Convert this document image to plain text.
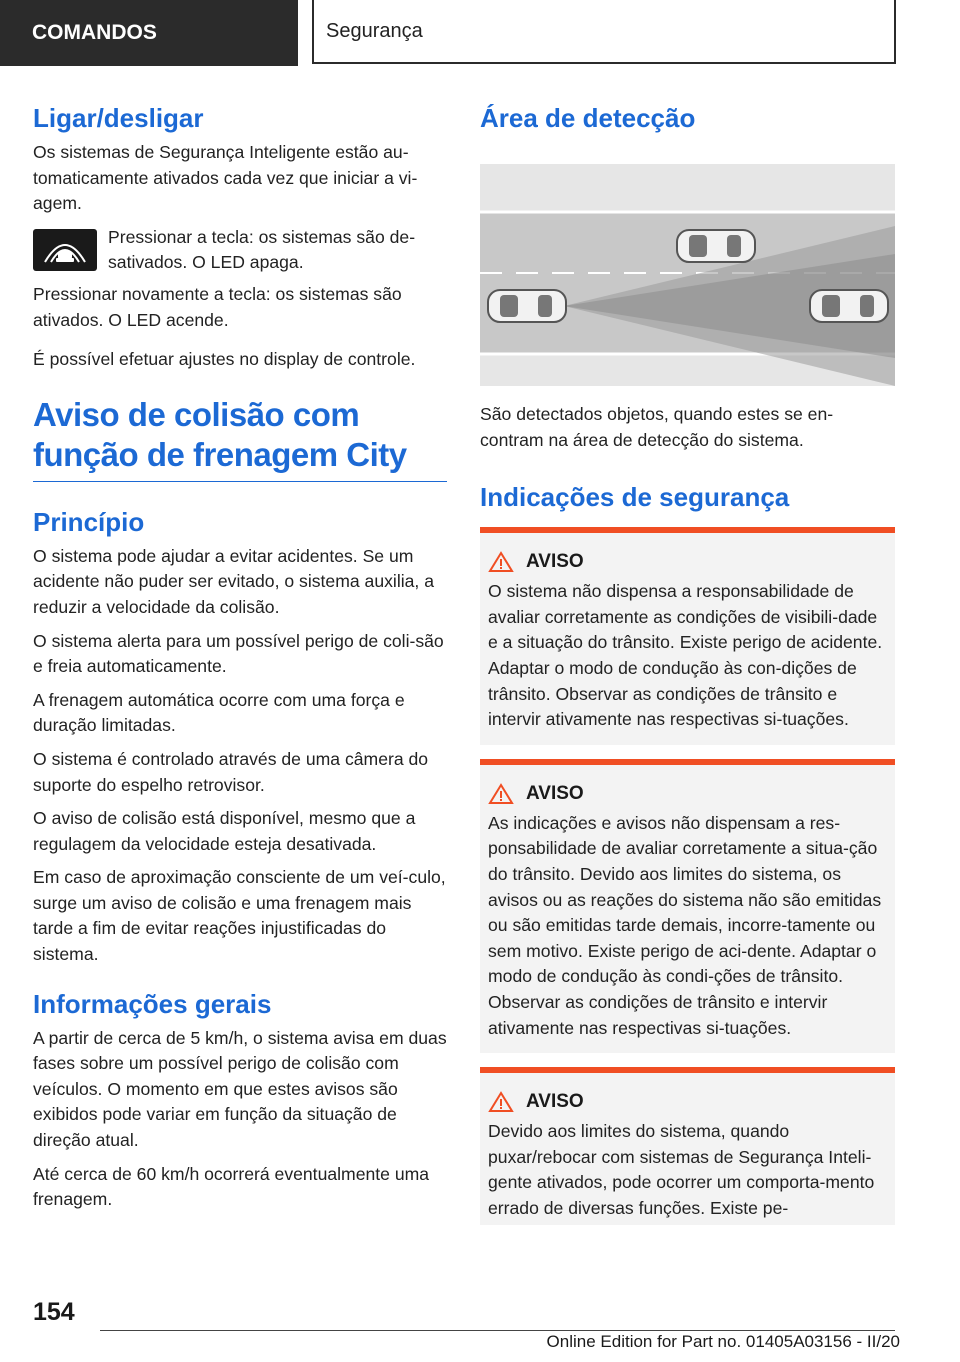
COMANDOS	Segurança
Ligar/desligar

Os sistemas de Segurança Inteligente estão au-tomaticamente ativados cada vez que iniciar a vi-agem.

Pressionar a tecla: os sistemas são de-sativados. O LED apaga.

Pressionar novamente a tecla: os sistemas são ativados. O LED acende.

É possível efetuar ajustes no display de controle.

Aviso de colisão com função de frenagem City
Princípio

O sistema pode ajudar a evitar acidentes. Se um acidente não puder ser evitado, o sistema auxilia, a reduzir a velocidade da colisão.

O sistema alerta para um possível perigo de coli-são e freia automaticamente.

A frenagem automática ocorre com uma força e duração limitadas.

O sistema é controlado através de uma câmera do suporte do espelho retrovisor.

O aviso de colisão está disponível, mesmo que a regulagem da velocidade esteja desativada.

Em caso de aproximação consciente de um veí-culo, surge um aviso de colisão e uma frenagem mais tarde a fim de evitar reações injustificadas do sistema.

Informações gerais

A partir de cerca de 5 km/h, o sistema avisa em duas fases sobre um possível perigo de colisão com veículos. O momento em que estes avisos são exibidos pode variar em função da situação de direção atual.

Até cerca de 60 km/h ocorrerá eventualmente uma frenagem.

Área de detecção

São detectados objetos, quando estes se en-contram na área de detecção do sistema.

Indicações de segurança
AVISO

O sistema não dispensa a responsabilidade de avaliar corretamente as condições de visibili-dade e a situação do trânsito. Existe perigo de acidente. Adaptar o modo de condução às con-dições de trânsito. Observar as condições de trânsito e intervir ativamente nas respectivas si-tuações.

AVISO

As indicações e avisos não dispensam a res-ponsabilidade de avaliar corretamente a situa-ção do trânsito. Devido aos limites do sistema, os avisos ou as reações do sistema não são emitidas ou são emitidas tarde demais, incorre-tamente ou sem motivo. Existe perigo de aci-dente. Adaptar o modo de condução às condi-ções de trânsito. Observar as condições de trânsito e intervir ativamente nas respectivas si-tuações.

AVISO

Devido aos limites do sistema, quando puxar/rebocar com sistemas de Segurança Inteli-gente ativados, pode ocorrer um comporta-mento errado de diversas funções. Existe pe-

154
Online Edition for Part no. 01405A03156 - II/20
